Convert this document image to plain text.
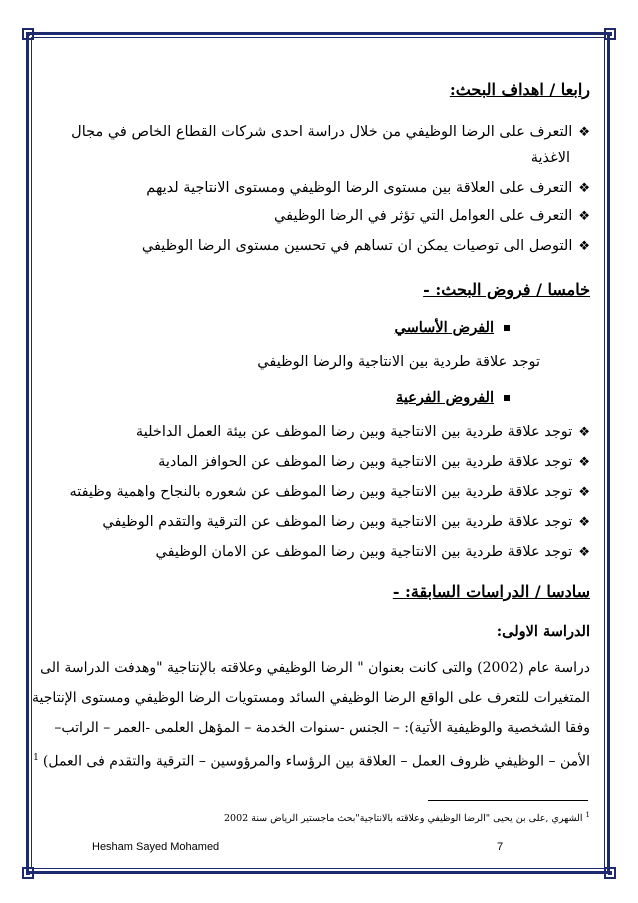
رابعا / اهداف البحث:
❖التعرف على الرضا الوظيفي من خلال دراسة احدى شركات القطاع الخاص في مجال
الاغذية
❖التعرف على العلاقة بين مستوى الرضا الوظيفي ومستوى الانتاجية لديهم
❖التعرف على العوامل التي تؤثر في الرضا الوظيفي
❖التوصل الى توصيات يمكن ان تساهم في تحسين مستوى الرضا الوظيفي
خامسا / فروض البحث: -
الفرض الأساسي
توجد علاقة طردية بين الانتاجية والرضا الوظيفي
الفروض الفرعية
❖توجد علاقة طردية بين الانتاجية وبين رضا الموظف عن بيئة العمل الداخلية
❖توجد علاقة طردية بين الانتاجية وبين رضا الموظف عن الحوافز المادية
❖توجد علاقة طردية بين الانتاجية وبين رضا الموظف عن شعوره بالنجاح واهمية وظيفته
❖توجد علاقة طردية بين الانتاجية وبين رضا الموظف عن الترقية والتقدم الوظيفي
❖توجد علاقة طردية بين الانتاجية وبين رضا الموظف عن الامان الوظيفي
سادسا / الدراسات السابقة: -
الدراسة الاولى:
دراسة عام (2002) والتى كانت بعنوان " الرضا الوظيفي وعلاقته بالإنتاجية "وهدفت الدراسة الى
المتغيرات للتعرف على الواقع الرضا الوظيفي السائد ومستويات الرضا الوظيفي ومستوى الإنتاجية
وفقا الشخصية والوظيفية الأتية): – الجنس -سنوات الخدمة – المؤهل العلمى -العمر – الراتب–
الأمن – الوظيفي ظروف العمل – العلاقة بين الرؤساء والمرؤوسين – الترقية والتقدم فى العمل)$^1$
$^1$ الشهري ,على بن يحيى "الرضا الوظيفي وعلاقته بالانتاجية"بحث ماجستير الرياض سنة 2002
Hesham Sayed Mohamed	7
